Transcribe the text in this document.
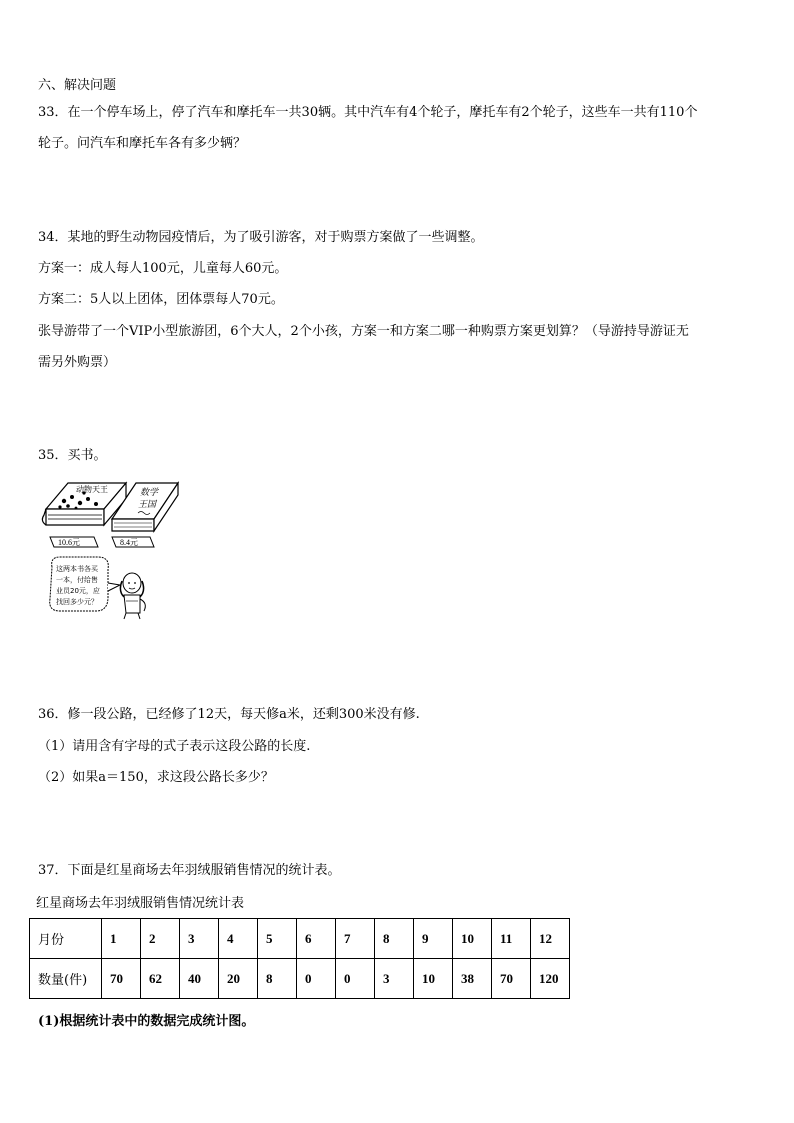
六、解决问题
33．在一个停车场上，停了汽车和摩托车一共30辆。其中汽车有4个轮子，摩托车有2个轮子，这些车一共有110个
轮子。问汽车和摩托车各有多少辆？
34．某地的野生动物园疫情后，为了吸引游客，对于购票方案做了一些调整。
方案一：成人每人100元，儿童每人60元。
方案二：5人以上团体，团体票每人70元。
张导游带了一个VIP小型旅游团，6个大人，2个小孩，方案一和方案二哪一种购票方案更划算？（导游持导游证无
需另外购票）
35．买书。
动物天王	数学
王国
10.6元	8.4元
这两本书各买
一本，付给售
业员20元，应
找回多少元？
36．修一段公路，已经修了12天，每天修a米，还剩300米没有修.
（1）请用含有字母的式子表示这段公路的长度.
（2）如果a＝150，求这段公路长多少？
37．下面是红星商场去年羽绒服销售情况的统计表。
红星商场去年羽绒服销售情况统计表
月份	1	2	3	4	5	6	7	8	9	10	11	12
数量(件)	70	62	40	20	8	0	0	3	10	38	70	120
(1)根据统计表中的数据完成统计图。
